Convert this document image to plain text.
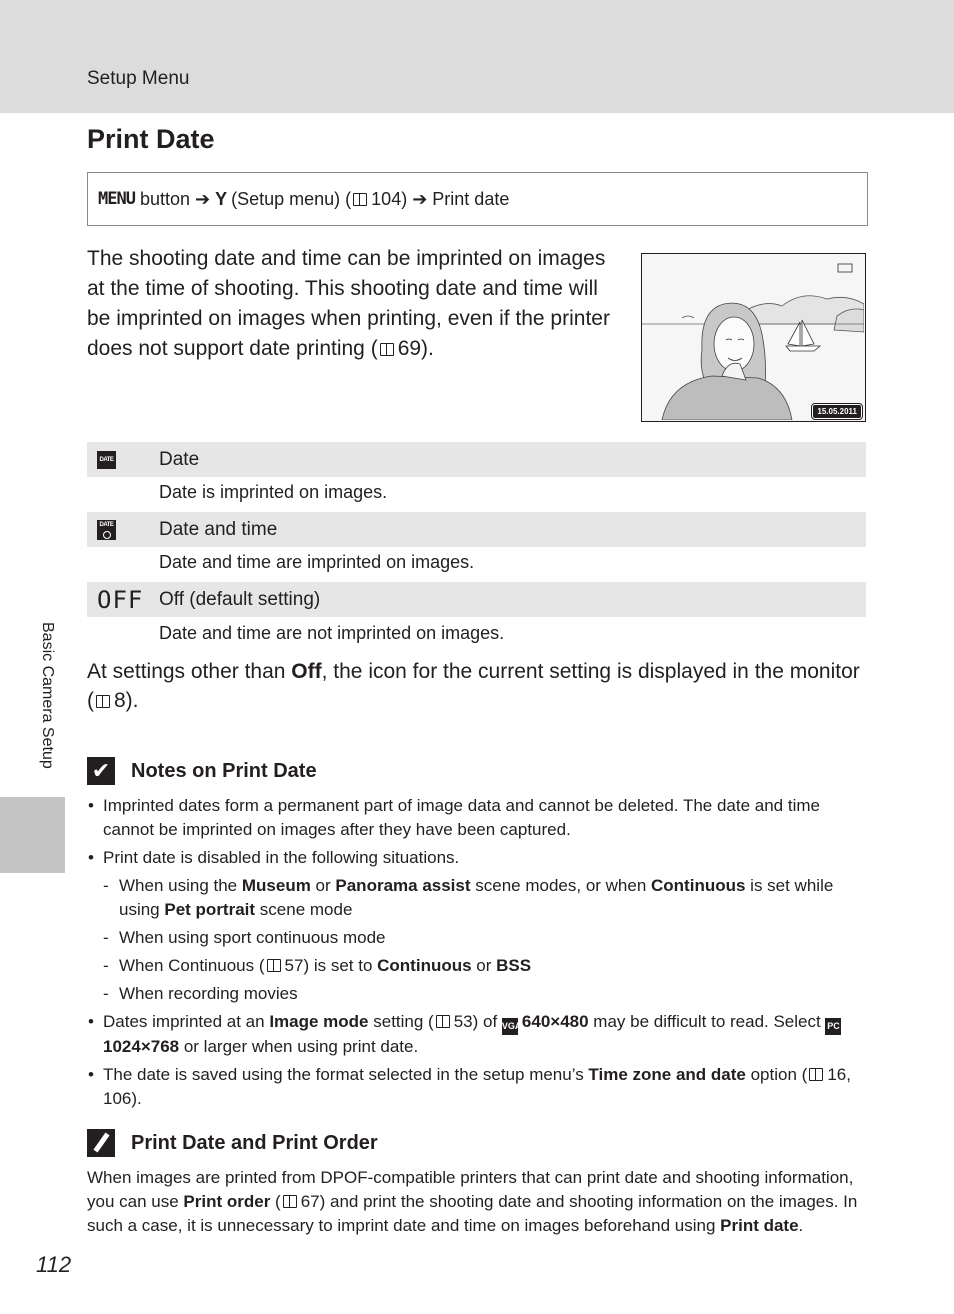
Setup Menu
Print Date
MENU button ➔ Y (Setup menu) ( 104) ➔ Print date

The shooting date and time can be imprinted on images at the time of shooting. This shooting date and time will be imprinted on images when printing, even if the printer does not support date printing ( 69).

15.05.2011
DATE Date
Date is imprinted on images.
DATE Date and time
Date and time are imprinted on images.
OFF Off (default setting)
Date and time are not imprinted on images.

At settings other than Off, the icon for the current setting is displayed in the monitor ( 8).

✔ Notes on Print Date
• Imprinted dates form a permanent part of image data and cannot be deleted. The date and time cannot be imprinted on images after they have been captured.
• Print date is disabled in the following situations.
- When using the Museum or Panorama assist scene modes, or when Continuous is set while using Pet portrait scene mode
- When using sport continuous mode
- When Continuous ( 57) is set to Continuous or BSS
- When recording movies
• Dates imprinted at an Image mode setting ( 53) of VGA640×480 may be difficult to read. Select PC1024×768 or larger when using print date.
• The date is saved using the format selected in the setup menu’s Time zone and date option ( 16, 106).
Print Date and Print Order

When images are printed from DPOF-compatible printers that can print date and shooting information, you can use Print order ( 67) and print the shooting date and shooting information on the images. In such a case, it is unnecessary to imprint date and time on images beforehand using Print date.

Basic Camera Setup
112
